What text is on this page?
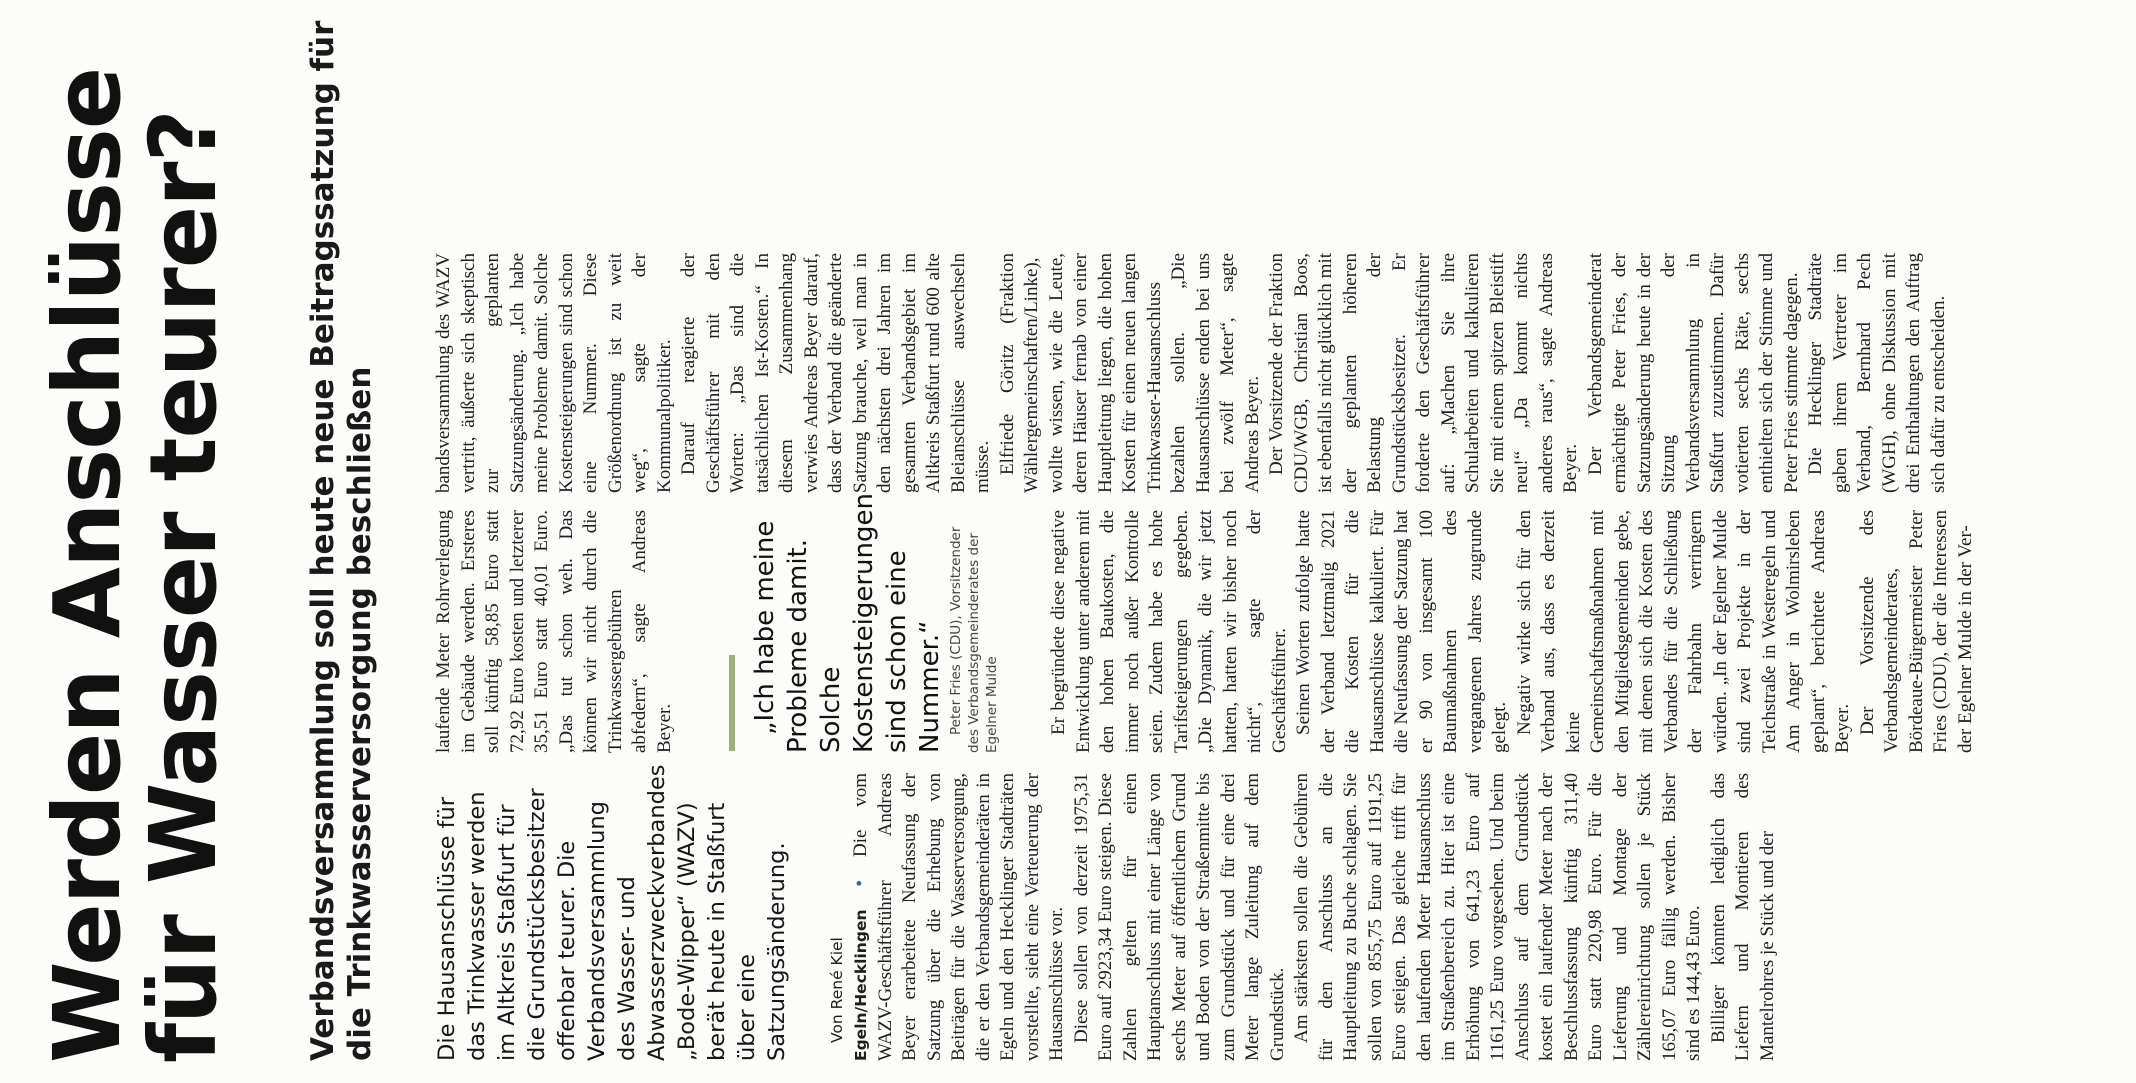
Werden Anschlüsse
für Wasser teurer? Verbandsversammlung soll heute neue Beitragssatzung für die Trinkwasserversorgung beschließen Die Hausanschlüsse für das Trinkwasser werden im Altkreis Staßfurt für die Grundstücksbesitzer offenbar teurer. Die Verbandsversammlung des Wasser- und Abwasserzweckverbandes „Bode-Wipper“ (WAZV) berät heute in Staßfurt über eine Satzungsänderung. Von René Kiel Egeln/Hecklingen • Die vom WAZV-Geschäftsführer Andreas Beyer erarbeitete Neufassung der Satzung über die Erhebung von Beiträgen für die Wasserversorgung, die er den Verbandsgemeinderäten in Egeln und den Hecklinger Stadträten vorstellte, sieht eine Verteuerung der Hausanschlüsse vor. Diese sollen von derzeit 1975,31 Euro auf 2923,34 Euro steigen. Diese Zahlen gelten für einen Hauptanschluss mit einer Länge von sechs Meter auf öffentlichem Grund und Boden von der Straßenmitte bis zum Grundstück und für eine drei Meter lange Zuleitung auf dem Grundstück. Am stärksten sollen die Gebühren für den Anschluss an die Hauptleitung zu Buche schlagen. Sie sollen von 855,75 Euro auf 1191,25 Euro steigen. Das gleiche trifft für den laufenden Meter Hausanschluss im Straßenbereich zu. Hier ist eine Erhöhung von 641,23 Euro auf 1161,25 Euro vorgesehen. Und beim Anschluss auf dem Grundstück kostet ein laufender Meter nach der Beschlussfassung künftig 311,40 Euro statt 220,98 Euro. Für die Lieferung und Montage der Zählereinrichtung sollen je Stück 165,07 Euro fällig werden. Bisher sind es 144,43 Euro. Billiger könnten lediglich das Liefern und Montieren des Mantelrohres je Stück und der

laufende Meter Rohrverlegung im Gebäude werden. Ersteres soll künftig 58,85 Euro statt 72,92 Euro kosten und letzterer 35,51 Euro statt 40,01 Euro. „Das tut schon weh. Das können wir nicht durch die Trinkwassergebühren abfedern“, sagte Andreas Beyer.	„Ich habe meine Probleme damit. Solche Kostensteigerungen sind schon eine Nummer.“ Peter Fries (CDU), Vorsitzender des Verbandsgemeinderates der Egelner Mulde	Er begründete diese negative Entwicklung unter anderem mit den hohen Baukosten, die immer noch außer Kontrolle seien. Zudem habe es hohe Tarifsteigerungen gegeben. „Die Dynamik, die wir jetzt hatten, hatten wir bisher noch nicht“, sagte der Geschäftsführer. Seinen Worten zufolge hatte der Verband letztmalig 2021 die Kosten für die Hausanschlüsse kalkuliert. Für die Neufassung der Satzung hat er 90 von insgesamt 100 Baumaßnahmen des vergangenen Jahres zugrunde gelegt. Negativ wirke sich für den Verband aus, dass es derzeit keine Gemeinschaftsmaßnahmen mit den Mitgliedsgemeinden gebe, mit denen sich die Kosten des Verbandes für die Schließung der Fahrbahn verringern würden. „In der Egelner Mulde sind zwei Projekte in der Teichstraße in Westeregeln und Am Anger in Wolmirsleben geplant“, berichtete Andreas Beyer. Der Vorsitzende des Verbandsgemeinderates, Bördeaue-Bürgermeister Peter Fries (CDU), der die Interessen der Egelner Mulde in der Ver-

bandsversammlung des WAZV vertritt, äußerte sich skeptisch zur geplanten Satzungsänderung. „Ich habe meine Probleme damit. Solche Kostensteigerungen sind schon eine Nummer. Diese Größenordnung ist zu weit weg“, sagte der Kommunalpolitiker. Darauf reagierte der Geschäftsführer mit den Worten: „Das sind die tatsächlichen Ist-Kosten.“ In diesem Zusammenhang verwies Andreas Beyer darauf, dass der Verband die geänderte Satzung brauche, weil man in den nächsten drei Jahren im gesamten Verbandsgebiet im Altkreis Staßfurt rund 600 alte Bleianschlüsse auswechseln müsse. Elfriede Göritz (Fraktion Wählergemeinschaften/Linke), wollte wissen, wie die Leute, deren Häuser fernab von einer Hauptleitung liegen, die hohen Kosten für einen neuen langen Trinkwasser-Hausanschluss bezahlen sollen. „Die Hausanschlüsse enden bei uns bei zwölf Meter“, sagte Andreas Beyer. Der Vorsitzende der Fraktion CDU/WGB, Christian Boos, ist ebenfalls nicht glücklich mit der geplanten höheren Belastung der Grundstücksbesitzer. Er forderte den Geschäftsführer auf: „Machen Sie ihre Schularbeiten und kalkulieren Sie mit einem spitzen Bleistift neu!“ „Da kommt nichts anderes raus“, sagte Andreas Beyer. Der Verbandsgemeinderat ermächtigte Peter Fries, der Satzungsänderung heute in der Sitzung der Verbandsversammlung in Staßfurt zuzustimmen. Dafür votierten sechs Räte, sechs enthielten sich der Stimme und Peter Fries stimmte dagegen. Die Hecklinger Stadträte gaben ihrem Vertreter im Verband, Bernhard Pech (WGH), ohne Diskussion mit drei Enthaltungen den Auftrag sich dafür zu entscheiden.
